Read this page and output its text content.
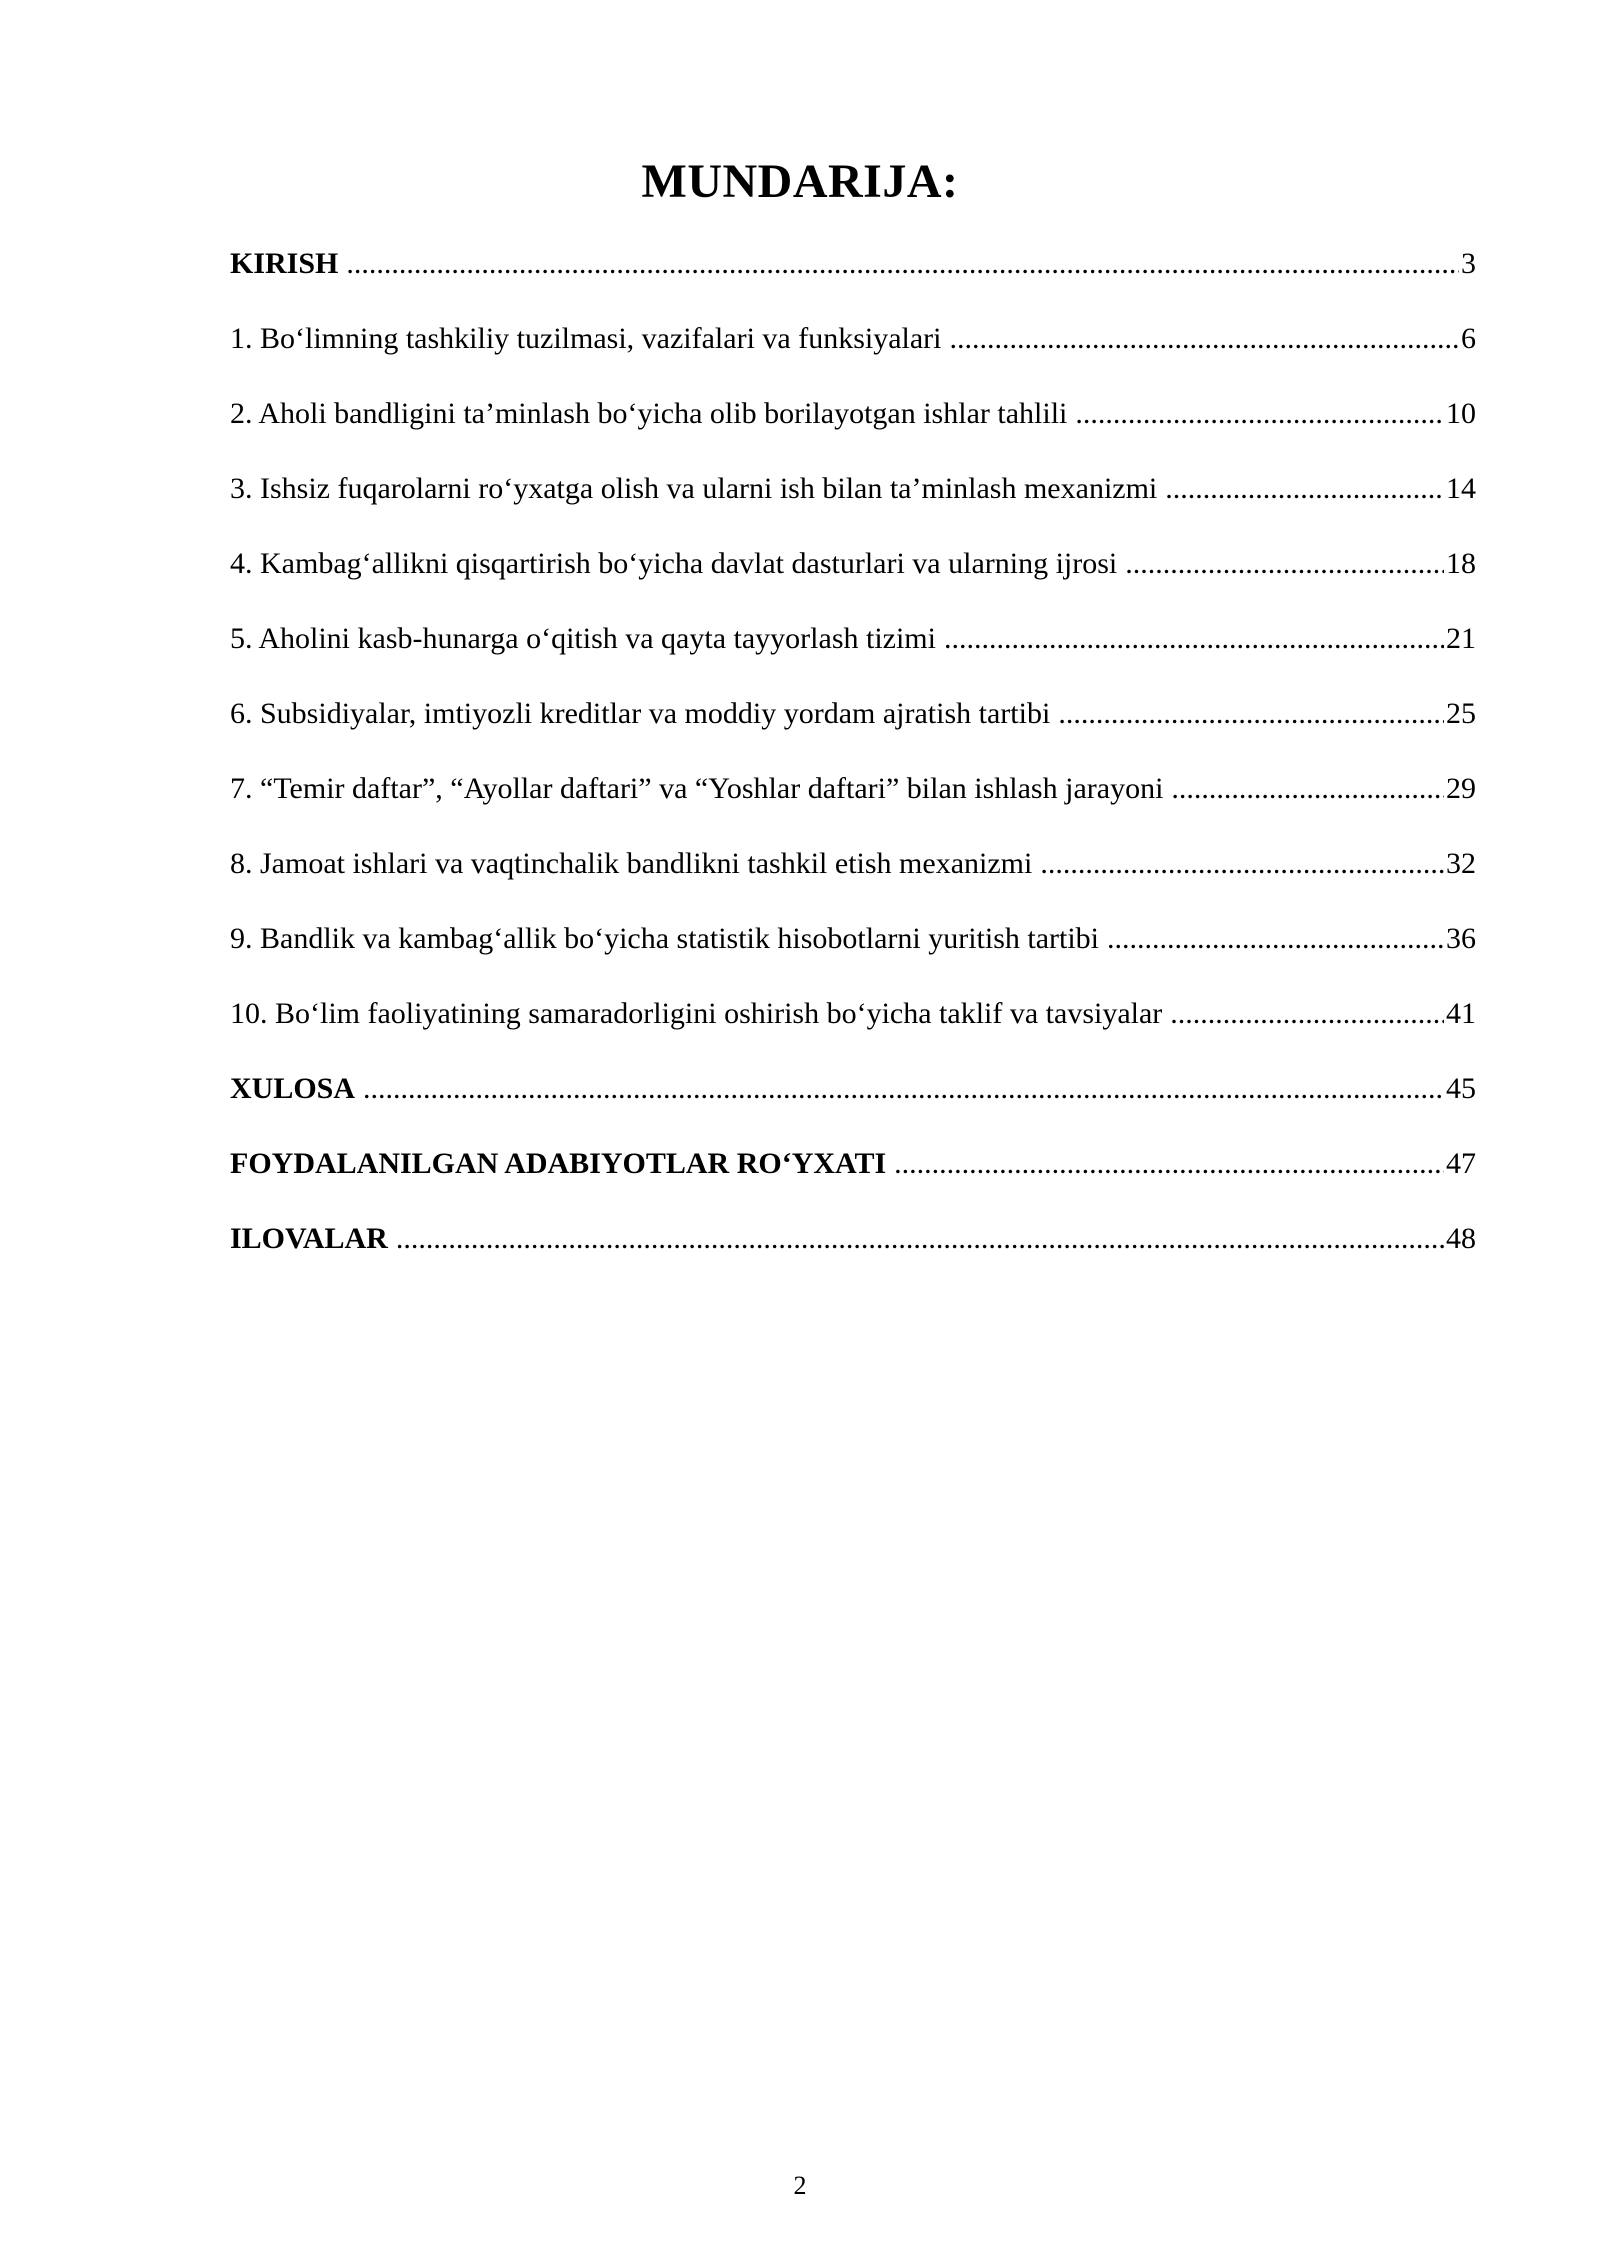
MUNDARIJA:
KIRISH .....	3
1. Bo‘limning tashkiliy tuzilmasi, vazifalari va funksiyalari .....	6
2. Aholi bandligini ta’minlash bo‘yicha olib borilayotgan ishlar tahlili .....	10
3. Ishsiz fuqarolarni ro‘yxatga olish va ularni ish bilan ta’minlash mexanizmi .....	14
4. Kambag‘allikni qisqartirish bo‘yicha davlat dasturlari va ularning ijrosi .....	18
5. Aholini kasb-hunarga o‘qitish va qayta tayyorlash tizimi .....	21
6. Subsidiyalar, imtiyozli kreditlar va moddiy yordam ajratish tartibi .....	25
7. “Temir daftar”, “Ayollar daftari” va “Yoshlar daftari” bilan ishlash jarayoni .....	29
8. Jamoat ishlari va vaqtinchalik bandlikni tashkil etish mexanizmi .....	32
9. Bandlik va kambag‘allik bo‘yicha statistik hisobotlarni yuritish tartibi .....	36
10. Bo‘lim faoliyatining samaradorligini oshirish bo‘yicha taklif va tavsiyalar .....	41
XULOSA .....	45
FOYDALANILGAN ADABIYOTLAR RO‘YXATI .....	47
ILOVALAR .....	48
2
